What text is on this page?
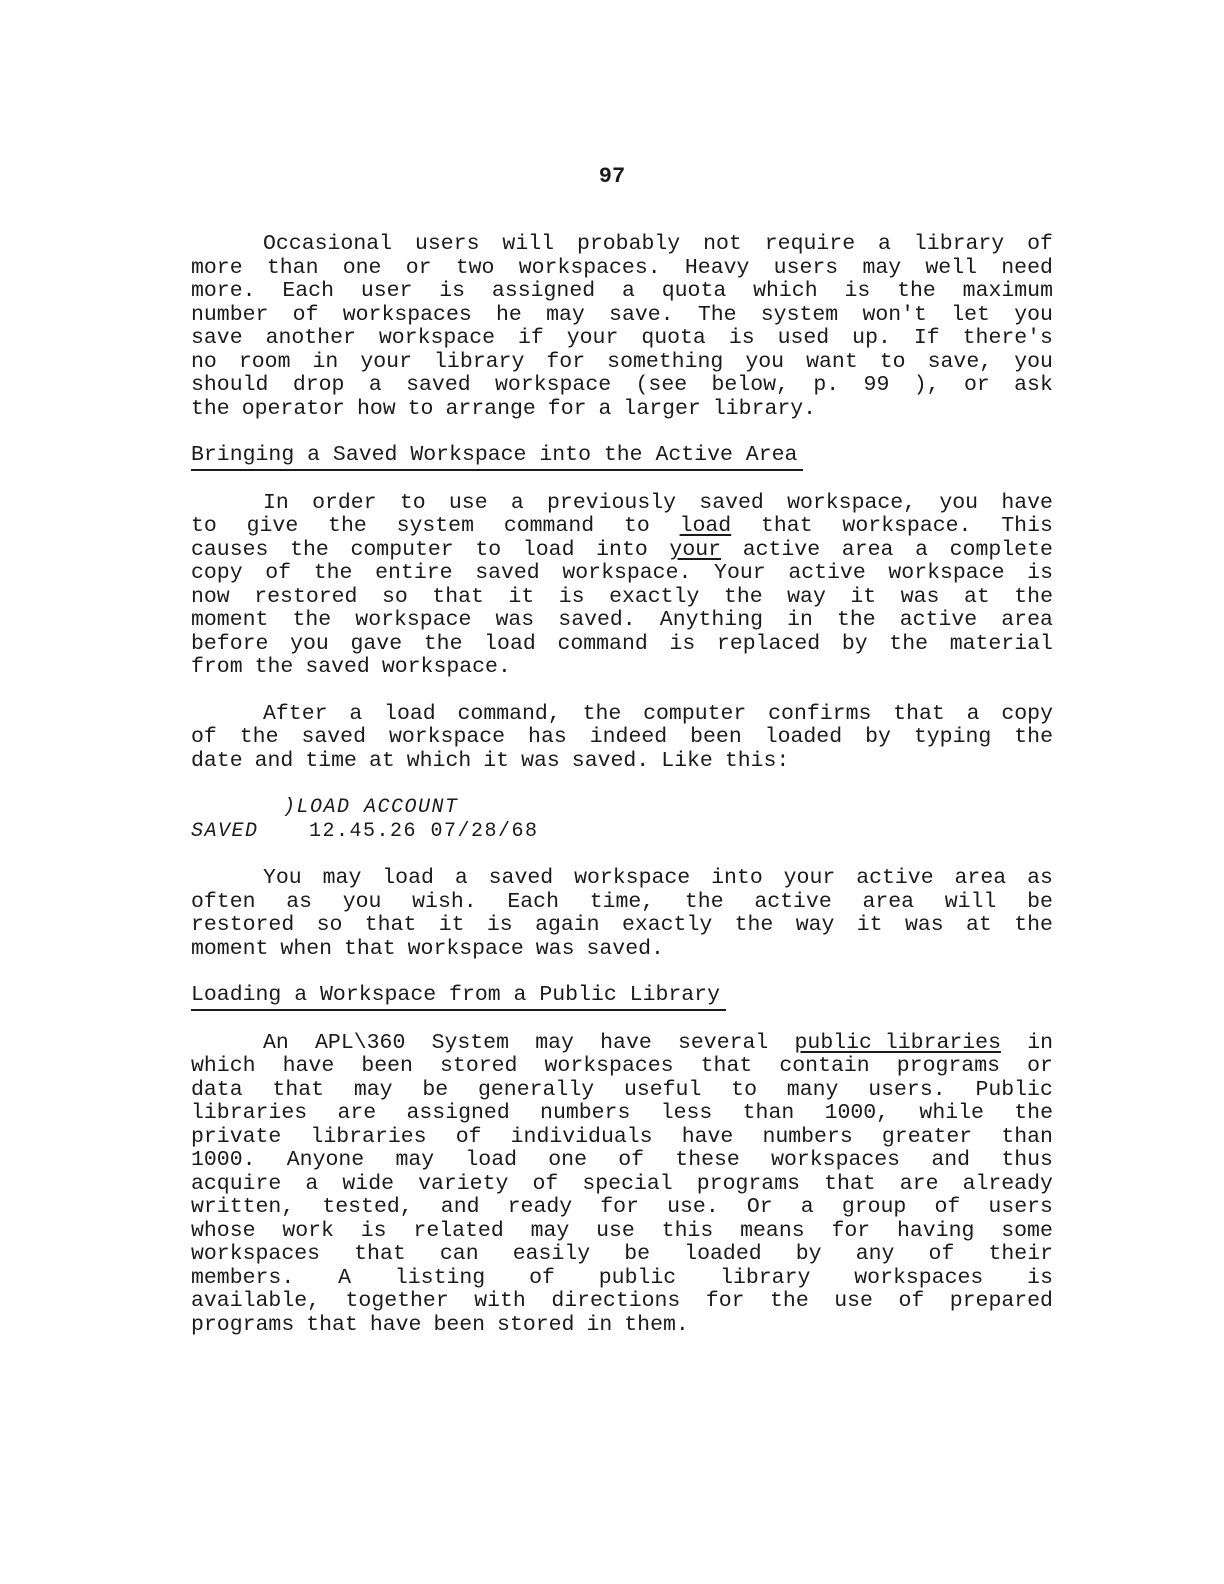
97
Occasional users will probably not require a library of
more than one or two workspaces. Heavy users may well need
more. Each user is assigned a quota which is the maximum
number of workspaces he may save. The system won't let you
save another workspace if your quota is used up. If there's
no room in your library for something you want to save, you
should drop a saved workspace (see below, p. 99 ), or ask
the operator how to arrange for a larger library.
Bringing a Saved Workspace into the Active Area
In order to use a previously saved workspace, you have
to give the system command to load that workspace. This
causes the computer to load into your active area a complete
copy of the entire saved workspace. Your active workspace is
now restored so that it is exactly the way it was at the
moment the workspace was saved. Anything in the active area
before you gave the load command is replaced by the material
from the saved workspace.
After a load command, the computer confirms that a copy
of the saved workspace has indeed been loaded by typing the
date and time at which it was saved. Like this:
)LOAD ACCOUNT
SAVED	12.45.26 07/28/68
You may load a saved workspace into your active area as
often as you wish. Each time, the active area will be
restored so that it is again exactly the way it was at the
moment when that workspace was saved.
Loading a Workspace from a Public Library
An APL\360 System may have several public libraries in
which have been stored workspaces that contain programs or
data that may be generally useful to many users. Public
libraries are assigned numbers less than 1000, while the
private libraries of individuals have numbers greater than
1000. Anyone may load one of these workspaces and thus
acquire a wide variety of special programs that are already
written, tested, and ready for use. Or a group of users
whose work is related may use this means for having some
workspaces that can easily be loaded by any of their
members. A listing of public library workspaces is
available, together with directions for the use of prepared
programs that have been stored in them.
